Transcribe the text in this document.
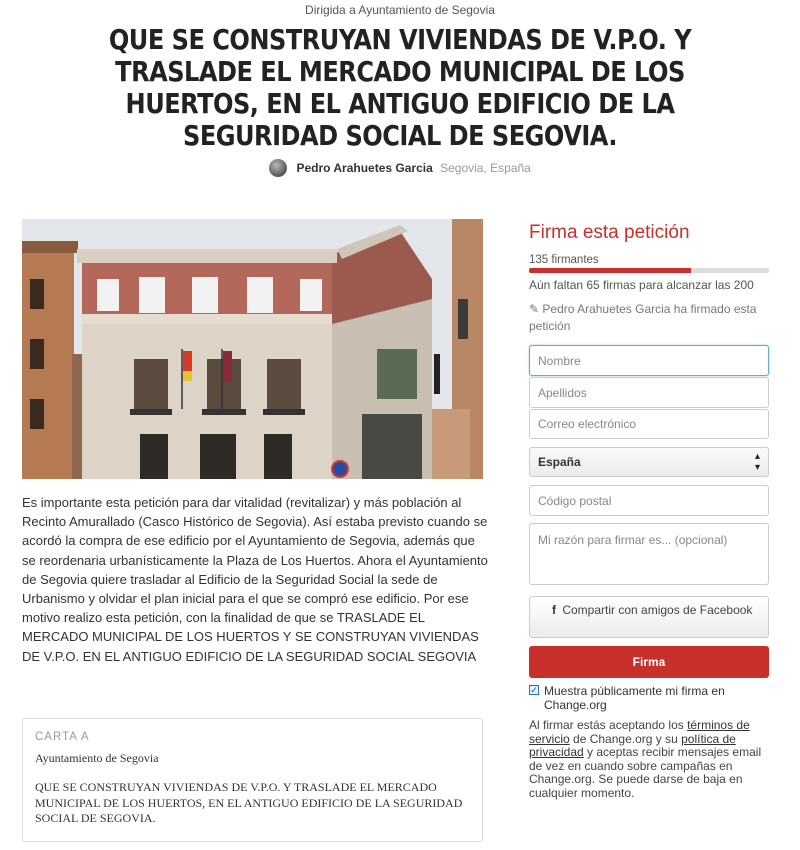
Dirigida a Ayuntamiento de Segovia
QUE SE CONSTRUYAN VIVIENDAS DE V.P.O. Y TRASLADE EL MERCADO MUNICIPAL DE LOS HUERTOS, EN EL ANTIGUO EDIFICIO DE LA SEGURIDAD SOCIAL DE SEGOVIA.
Pedro Arahuetes Garcia Segovia, España

Es importante esta petición para dar vitalidad (revitalizar) y más población al Recinto Amurallado (Casco Histórico de Segovia). Así estaba previsto cuando se acordó la compra de ese edificio por el Ayuntamiento de Segovia, además que se reordenaria urbanísticamente la Plaza de Los Huertos. Ahora el Ayuntamiento de Segovia quiere trasladar al Edificio de la Seguridad Social la sede de Urbanismo y olvidar el plan inicial para el que se compró ese edificio. Por ese motivo realizo esta petición, con la finalidad de que se TRASLADE EL MERCADO MUNICIPAL DE LOS HUERTOS Y SE CONSTRUYAN VIVIENDAS DE V.P.O. EN EL ANTIGUO EDIFICIO DE LA SEGURIDAD SOCIAL SEGOVIA

CARTA A
Ayuntamiento de Segovia
QUE SE CONSTRUYAN VIVIENDAS DE V.P.O. Y TRASLADE EL MERCADO MUNICIPAL DE LOS HUERTOS, EN EL ANTIGUO EDIFICIO DE LA SEGURIDAD SOCIAL DE SEGOVIA.
Firma esta petición
135 firmantes
Aún faltan 65 firmas para alcanzar las 200
✎ Pedro Arahuetes Garcia ha firmado esta petición
Nombre
Apellidos
Correo electrónico
España	▴
▾
Código postal
Mi razón para firmar es... (opcional)
f Compartir con amigos de Facebook
Firma
✓ Muestra públicamente mi firma en Change.org
Al firmar estás aceptando los términos de servicio de Change.org y su política de privacidad y aceptas recibir mensajes email de vez en cuando sobre campañas en Change.org. Se puede darse de baja en cualquier momento.
